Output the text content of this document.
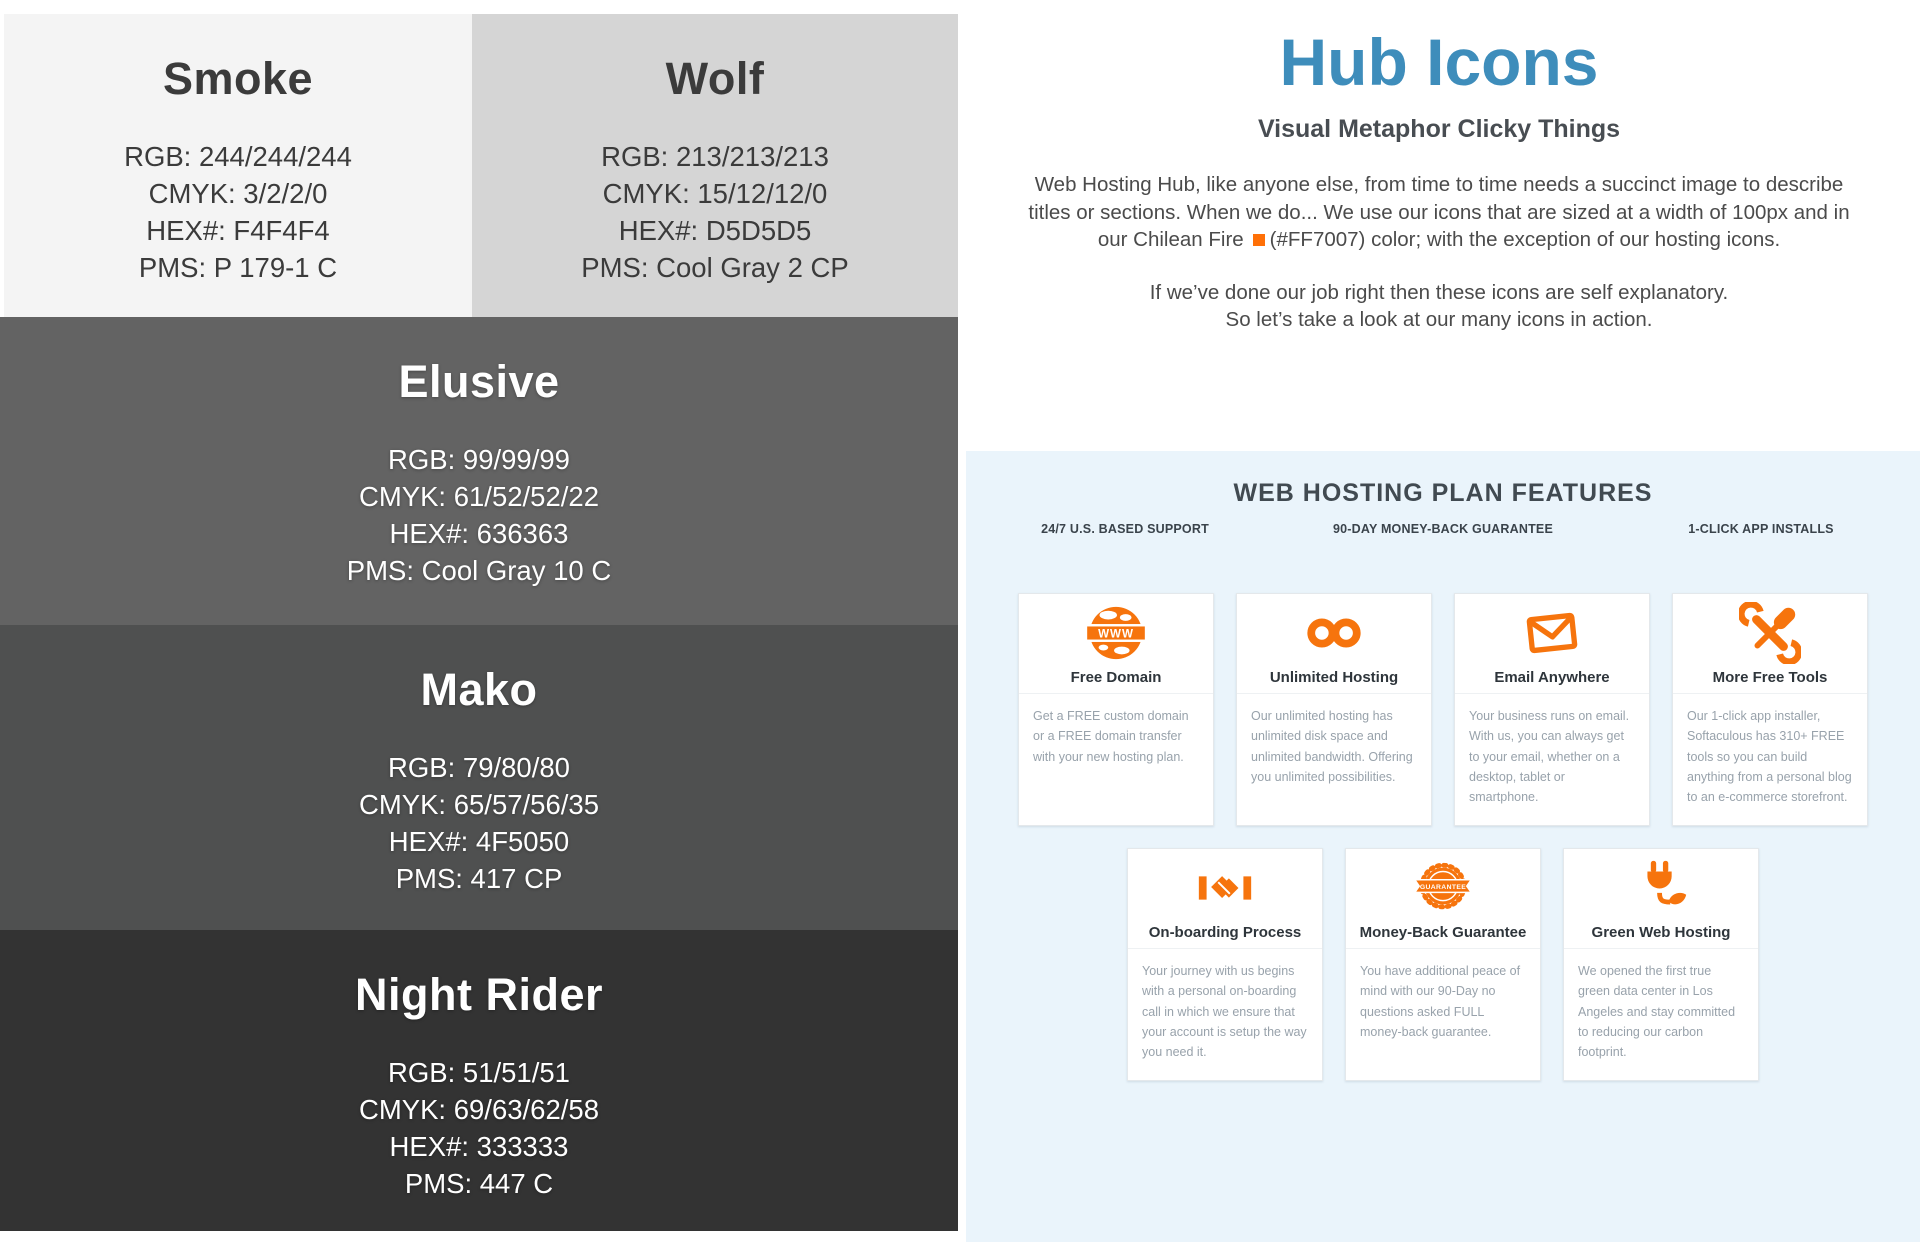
Smoke
RGB: 244/244/244
CMYK: 3/2/2/0
HEX#: F4F4F4
PMS: P 179-1 C
Wolf
RGB: 213/213/213
CMYK: 15/12/12/0
HEX#: D5D5D5
PMS: Cool Gray 2 CP
Elusive
RGB: 99/99/99
CMYK: 61/52/52/22
HEX#: 636363
PMS: Cool Gray 10 C
Mako
RGB: 79/80/80
CMYK: 65/57/56/35
HEX#: 4F5050
PMS: 417 CP
Night Rider
RGB: 51/51/51
CMYK: 69/63/62/58
HEX#: 333333
PMS: 447 C
Hub Icons
Visual Metaphor Clicky Things

Web Hosting Hub, like anyone else, from time to time needs a succinct image to describe titles or sections. When we do... We use our icons that are sized at a width of 100px and in our Chilean Fire (#FF7007) color; with the exception of our hosting icons.

If we’ve done our job right then these icons are self explanatory.
So let’s take a look at our many icons in action.

WEB HOSTING PLAN FEATURES
24/7 U.S. BASED SUPPORT	90-DAY MONEY-BACK GUARANTEE	1-CLICK APP INSTALLS
WWW
Free Domain

Get a FREE custom domain or a FREE domain transfer with your new hosting plan.

Unlimited Hosting

Our unlimited hosting has unlimited disk space and unlimited bandwidth. Offering you unlimited possibilities.

Email Anywhere

Your business runs on email. With us, you can always get to your email, whether on a desktop, tablet or smartphone.

More Free Tools

Our 1-click app installer, Softaculous has 310+ FREE tools so you can build anything from a personal blog to an e-commerce storefront.

On-boarding Process

Your journey with us begins with a personal on-boarding call in which we ensure that your account is setup the way you need it.

GUARANTEE
Money-Back Guarantee

You have additional peace of mind with our 90-Day no questions asked FULL money-back guarantee.

Green Web Hosting

We opened the first true green data center in Los Angeles and stay committed to reducing our carbon footprint.
